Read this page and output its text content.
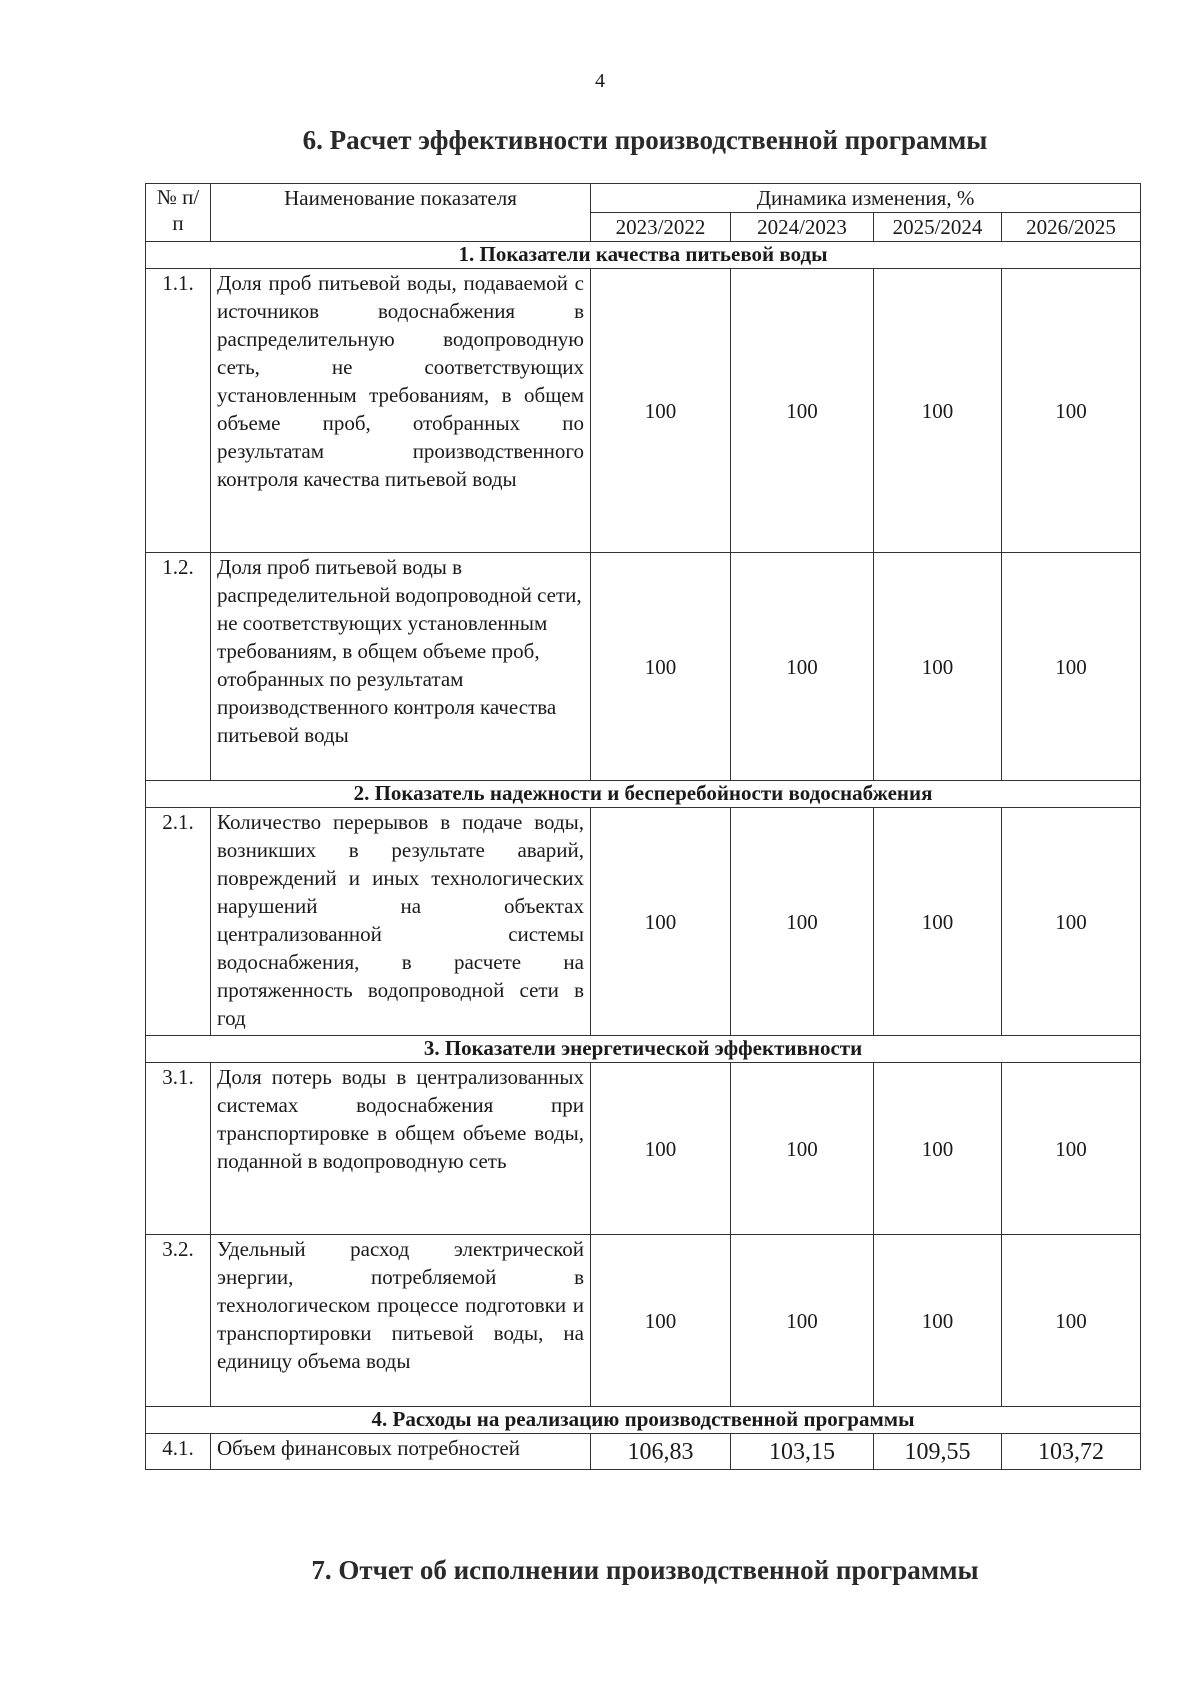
4
6. Расчет эффективности производственной программы
№ п/п	Наименование показателя	Динамика изменения, %			
		2023/2022	2024/2023	2025/2024	2026/2025
1. Показатели качества питьевой воды					
1.1.	Доля проб питьевой воды, подаваемой с источников водоснабжения в распределительную водопроводную сеть, не соответствующих установленным требованиям, в общем объеме проб, отобранных по результатам производственного контроля качества питьевой воды	100	100	100	100
1.2.	Доля проб питьевой воды в распределительной водопроводной сети, не соответствующих установленным требованиям, в общем объеме проб, отобранных по результатам производственного контроля качества питьевой воды	100	100	100	100
2. Показатель надежности и бесперебойности водоснабжения					
2.1.	Количество перерывов в подаче воды, возникших в результате аварий, повреждений и иных технологических нарушений на объектах централизованной системы водоснабжения, в расчете на протяженность водопроводной сети в год	100	100	100	100
3. Показатели энергетической эффективности					
3.1.	Доля потерь воды в централизованных системах водоснабжения при транспортировке в общем объеме воды, поданной в водопроводную сеть	100	100	100	100
3.2.	Удельный расход электрической энергии, потребляемой в технологическом процессе подготовки и транспортировки питьевой воды, на единицу объема воды	100	100	100	100
4. Расходы на реализацию производственной программы					
4.1.	Объем финансовых потребностей	106,83	103,15	109,55	103,72
7. Отчет об исполнении производственной программы
